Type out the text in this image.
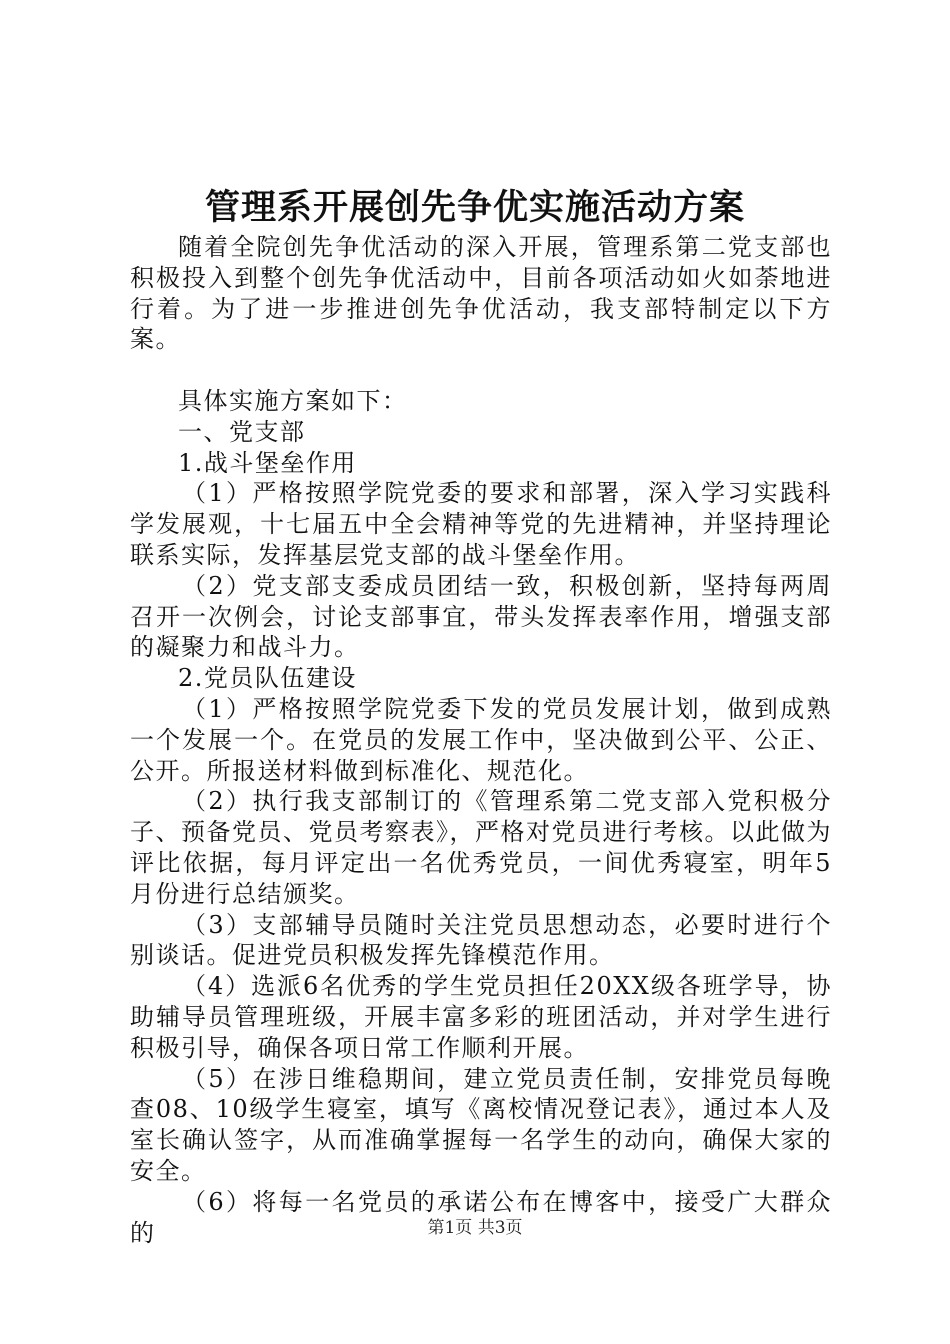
管理系开展创先争优实施活动方案

随着全院创先争优活动的深入开展，管理系第二党支部也积极投入到整个创先争优活动中，目前各项活动如火如荼地进行着。为了进一步推进创先争优活动，我支部特制定以下方案。

具体实施方案如下：

一、党支部

1.战斗堡垒作用

（1）严格按照学院党委的要求和部署，深入学习实践科学发展观，十七届五中全会精神等党的先进精神，并坚持理论联系实际，发挥基层党支部的战斗堡垒作用。

（2）党支部支委成员团结一致，积极创新，坚持每两周召开一次例会，讨论支部事宜，带头发挥表率作用，增强支部的凝聚力和战斗力。

2.党员队伍建设

（1）严格按照学院党委下发的党员发展计划，做到成熟一个发展一个。在党员的发展工作中，坚决做到公平、公正、公开。所报送材料做到标准化、规范化。

（2）执行我支部制订的《管理系第二党支部入党积极分子、预备党员、党员考察表》，严格对党员进行考核。以此做为评比依据，每月评定出一名优秀党员，一间优秀寝室，明年5月份进行总结颁奖。

（3）支部辅导员随时关注党员思想动态，必要时进行个别谈话。促进党员积极发挥先锋模范作用。

（4）选派6名优秀的学生党员担任20XX级各班学导，协助辅导员管理班级，开展丰富多彩的班团活动，并对学生进行积极引导，确保各项日常工作顺利开展。

（5）在涉日维稳期间，建立党员责任制，安排党员每晚查08、10级学生寝室，填写《离校情况登记表》，通过本人及室长确认签字，从而准确掌握每一名学生的动向，确保大家的安全。

（6）将每一名党员的承诺公布在博客中，接受广大群众的	第1页 共3页
